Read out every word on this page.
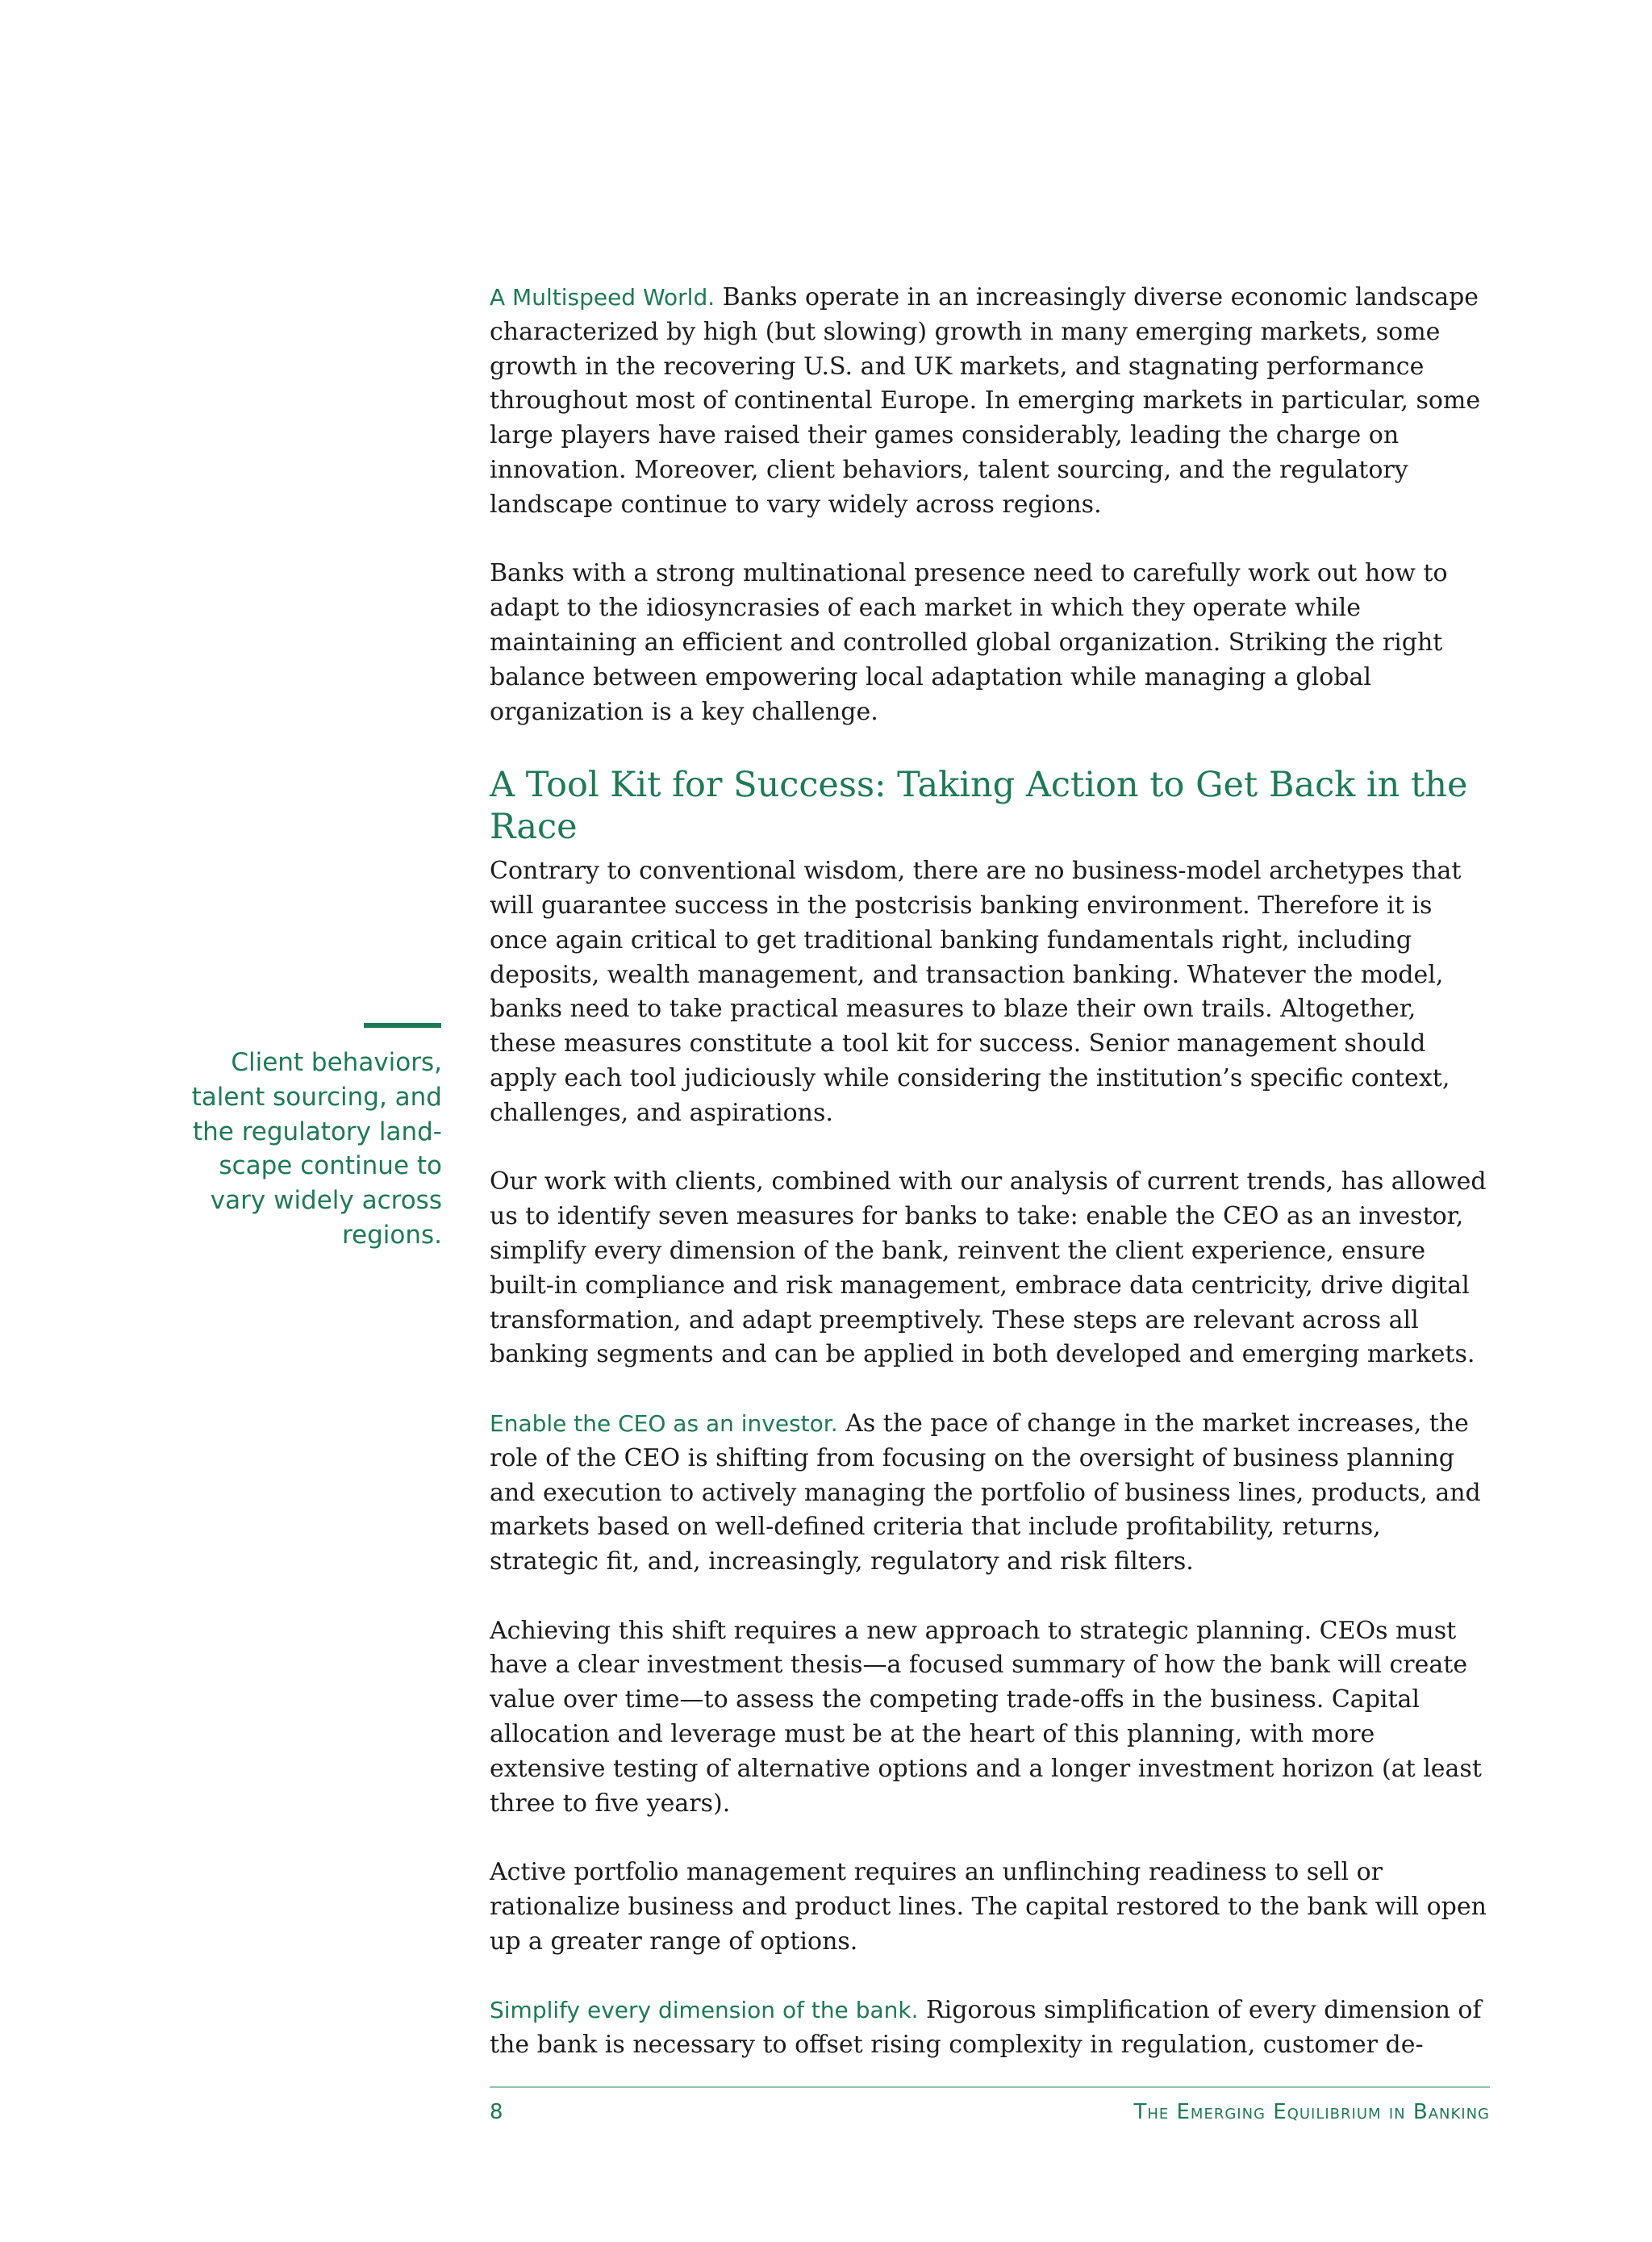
Client behaviors, talent sourcing, and the regulatory land-scape continue to vary widely across regions.

A Multispeed World. Banks operate in an increasingly diverse economic landscape characterized by high (but slowing) growth in many emerging markets, some growth in the recovering U.S. and UK markets, and stagnating performance throughout most of continental Europe. In emerging markets in particular, some large players have raised their games considerably, leading the charge on innovation. Moreover, client behaviors, talent sourcing, and the regulatory landscape continue to vary widely across regions.

Banks with a strong multinational presence need to carefully work out how to adapt to the idiosyncrasies of each market in which they operate while maintaining an efficient and controlled global organization. Striking the right balance between empowering local adaptation while managing a global organization is a key challenge.

A Tool Kit for Success: Taking Action to Get Back in the Race

Contrary to conventional wisdom, there are no business-model archetypes that will guarantee success in the postcrisis banking environment. Therefore it is once again critical to get traditional banking fundamentals right, including deposits, wealth management, and transaction banking. Whatever the model, banks need to take practical measures to blaze their own trails. Altogether, these measures constitute a tool kit for success. Senior management should apply each tool judiciously while considering the institution’s specific context, challenges, and aspirations.

Our work with clients, combined with our analysis of current trends, has allowed us to identify seven measures for banks to take: enable the CEO as an investor, simplify every dimension of the bank, reinvent the client experience, ensure built-in compliance and risk management, embrace data centricity, drive digital transformation, and adapt preemptively. These steps are relevant across all banking segments and can be applied in both developed and emerging markets.

Enable the CEO as an investor. As the pace of change in the market increases, the role of the CEO is shifting from focusing on the oversight of business planning and execution to actively managing the portfolio of business lines, products, and markets based on well-defined criteria that include profitability, returns, strategic fit, and, increasingly, regulatory and risk filters.

Achieving this shift requires a new approach to strategic planning. CEOs must have a clear investment thesis—a focused summary of how the bank will create value over time—to assess the competing trade-offs in the business. Capital allocation and leverage must be at the heart of this planning, with more extensive testing of alternative options and a longer investment horizon (at least three to five years).

Active portfolio management requires an unflinching readiness to sell or rationalize business and product lines. The capital restored to the bank will open up a greater range of options.

Simplify every dimension of the bank. Rigorous simplification of every dimension of the bank is necessary to offset rising complexity in regulation, customer de-

8	The Emerging Equilibrium in Banking
